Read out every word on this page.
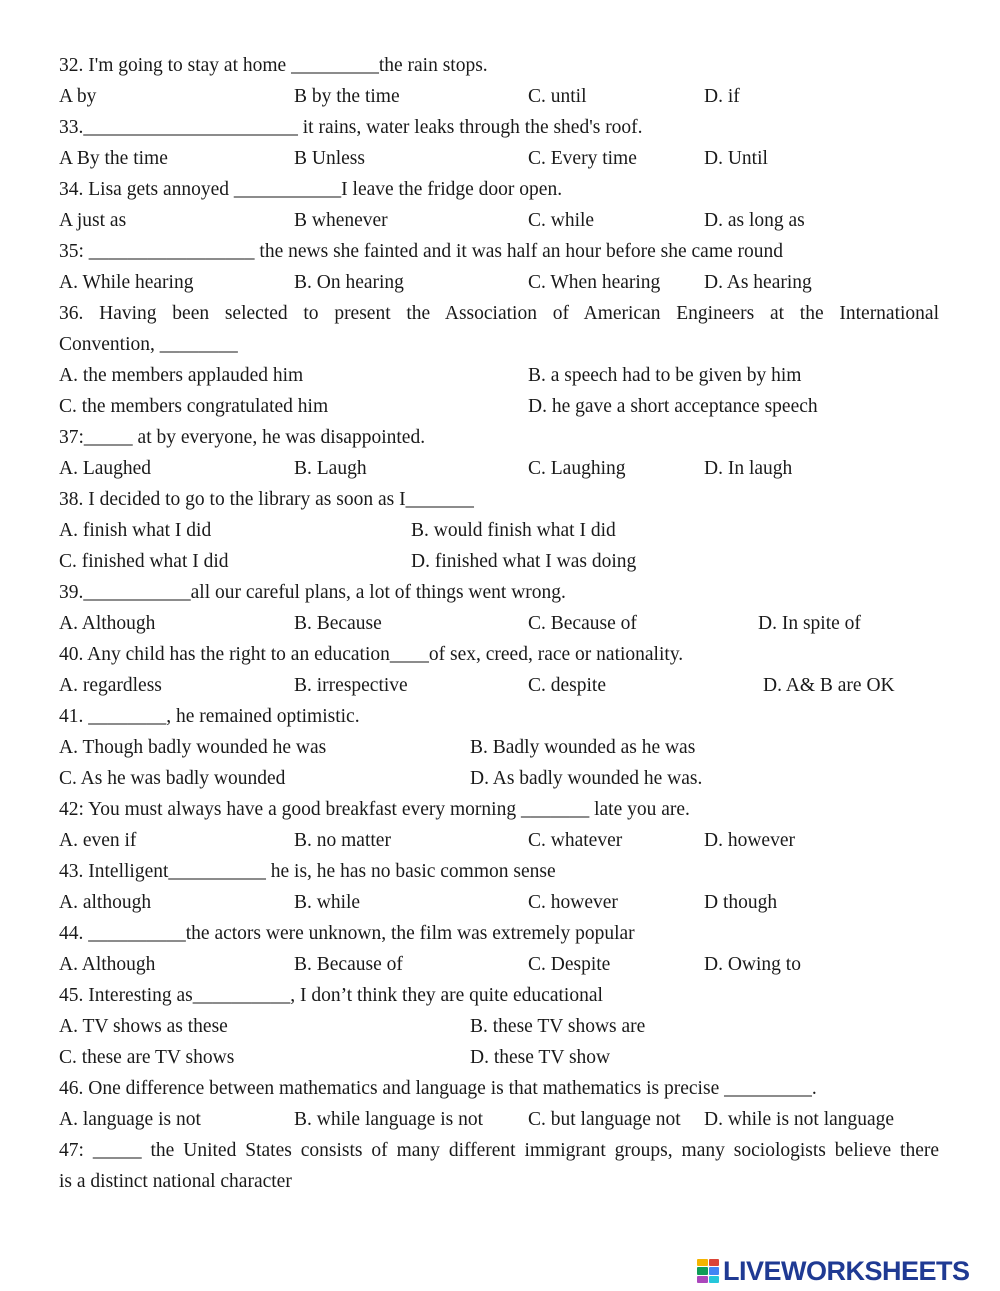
32. I'm going to stay at home _________the rain stops.
A by	B by the time	C. until	D. if
33.______________________ it rains, water leaks through the shed's roof.
A By the time	B Unless	C. Every time	D. Until
34. Lisa gets annoyed ___________I leave the fridge door open.
A just as	B whenever	C. while	D. as long as
35: _________________ the news she fainted and it was half an hour before she came round
A. While hearing	B. On hearing	C. When hearing D. As hearing
36. Having been selected to present the Association of American Engineers at the International
Convention, ________
A. the members applauded him	B. a speech had to be given by him
C. the members congratulated him	D. he gave a short acceptance speech
37:_____ at by everyone, he was disappointed.
A. Laughed	B. Laugh	C. Laughing	D. In laugh
38. I decided to go to the library as soon as I_______
A. finish what I did	B. would finish what I did
C. finished what I did	D. finished what I was doing
39.___________all our careful plans, a lot of things went wrong.
A. Although	B. Because	C. Because of	D. In spite of
40. Any child has the right to an education____of sex, creed, race or nationality.
A. regardless	B. irrespective	C. despite	D. A& B are OK
41. ________, he remained optimistic.
A. Though badly wounded he was	B. Badly wounded as he was
C. As he was badly wounded	D. As badly wounded he was.
42: You must always have a good breakfast every morning _______ late you are.
A. even if	B. no matter	C. whatever	D. however
43. Intelligent__________ he is, he has no basic common sense
A. although	B. while	C. however	D though
44. __________the actors were unknown, the film was extremely popular
A. Although	B. Because of	C. Despite	D. Owing to
45. Interesting as__________, I don’t think they are quite educational
A. TV shows as these	B. these TV shows are
C. these are TV shows	D. these TV show
46. One difference between mathematics and language is that mathematics is precise _________.
A. language is not	B. while language is not C. but language not D. while is not language
47: _____ the United States consists of many different immigrant groups, many sociologists believe there
is a distinct national character
LIVEWORKSHEETS
